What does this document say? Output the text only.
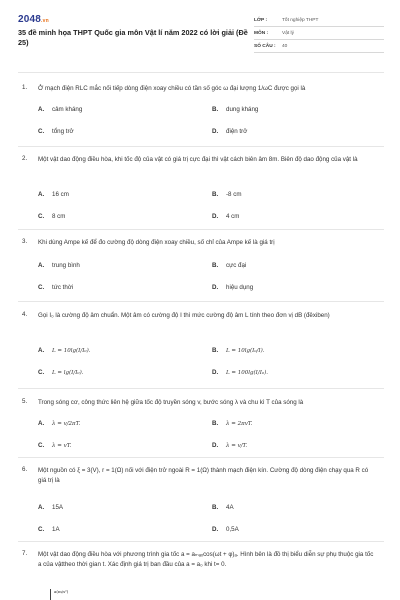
2048.vn
35 đề minh họa THPT Quốc gia môn Vật lí năm 2022 có lời giải (Đề 25)
LỚP :	Tốt nghiệp THPT
MÔN :	Vật lý
SỐ CÂU :	40
1. Ở mạch điện RLC mắc nối tiếp dòng điện xoay chiều có tần số góc ω đại lượng 1/ωC được gọi là
A. cảm kháng	B. dung kháng
C. tổng trở	D. điện trở
2. Một vật dao động điều hòa, khi tốc độ của vật có giá trị cực đại thì vật cách biên âm 8m. Biên độ dao động của vật là
A. 16 cm	B. -8 cm
C. 8 cm	D. 4 cm
3. Khi dùng Ampe kế để đo cường độ dòng điện xoay chiều, số chỉ của Ampe kế là giá trị
A. trung bình	B. cực đại
C. tức thời	D. hiệu dụng
4. Gọi I₀ là cường độ âm chuẩn. Một âm có cường độ I thì mức cường độ âm L tính theo đơn vị dB (đêxiben)
A. L = 10lg(I/I₀).	B. L = 10lg(I₀/I).
C. L = lg(I/I₀).	D. L = 100lg(I/I₀).
5. Trong sóng cơ, công thức liên hệ giữa tốc độ truyền sóng v, bước sóng λ và chu kì T của sóng là
A. λ = v/2πT.	B. λ = 2πvT.
C. λ = vT.	D. λ = v/T.
6. Một nguồn có ξ = 3(V), r = 1(Ω) nối với điện trở ngoài R = 1(Ω) thành mạch điện kín. Cường độ dòng điện chạy qua R có giá trị là
A. 15A	B. 4A
C. 1A	D. 0,5A
7. Một vật dao động điều hòa với phương trình gia tốc a = aₘₐₓcos(ωt + φ)ₐ. Hình bên là đồ thị biểu diễn sự phụ thuộc gia tốc a của vậttheo thời gian t. Xác định giá trị ban đầu của a = a₀ khi t= 0.
a(m/s²)
